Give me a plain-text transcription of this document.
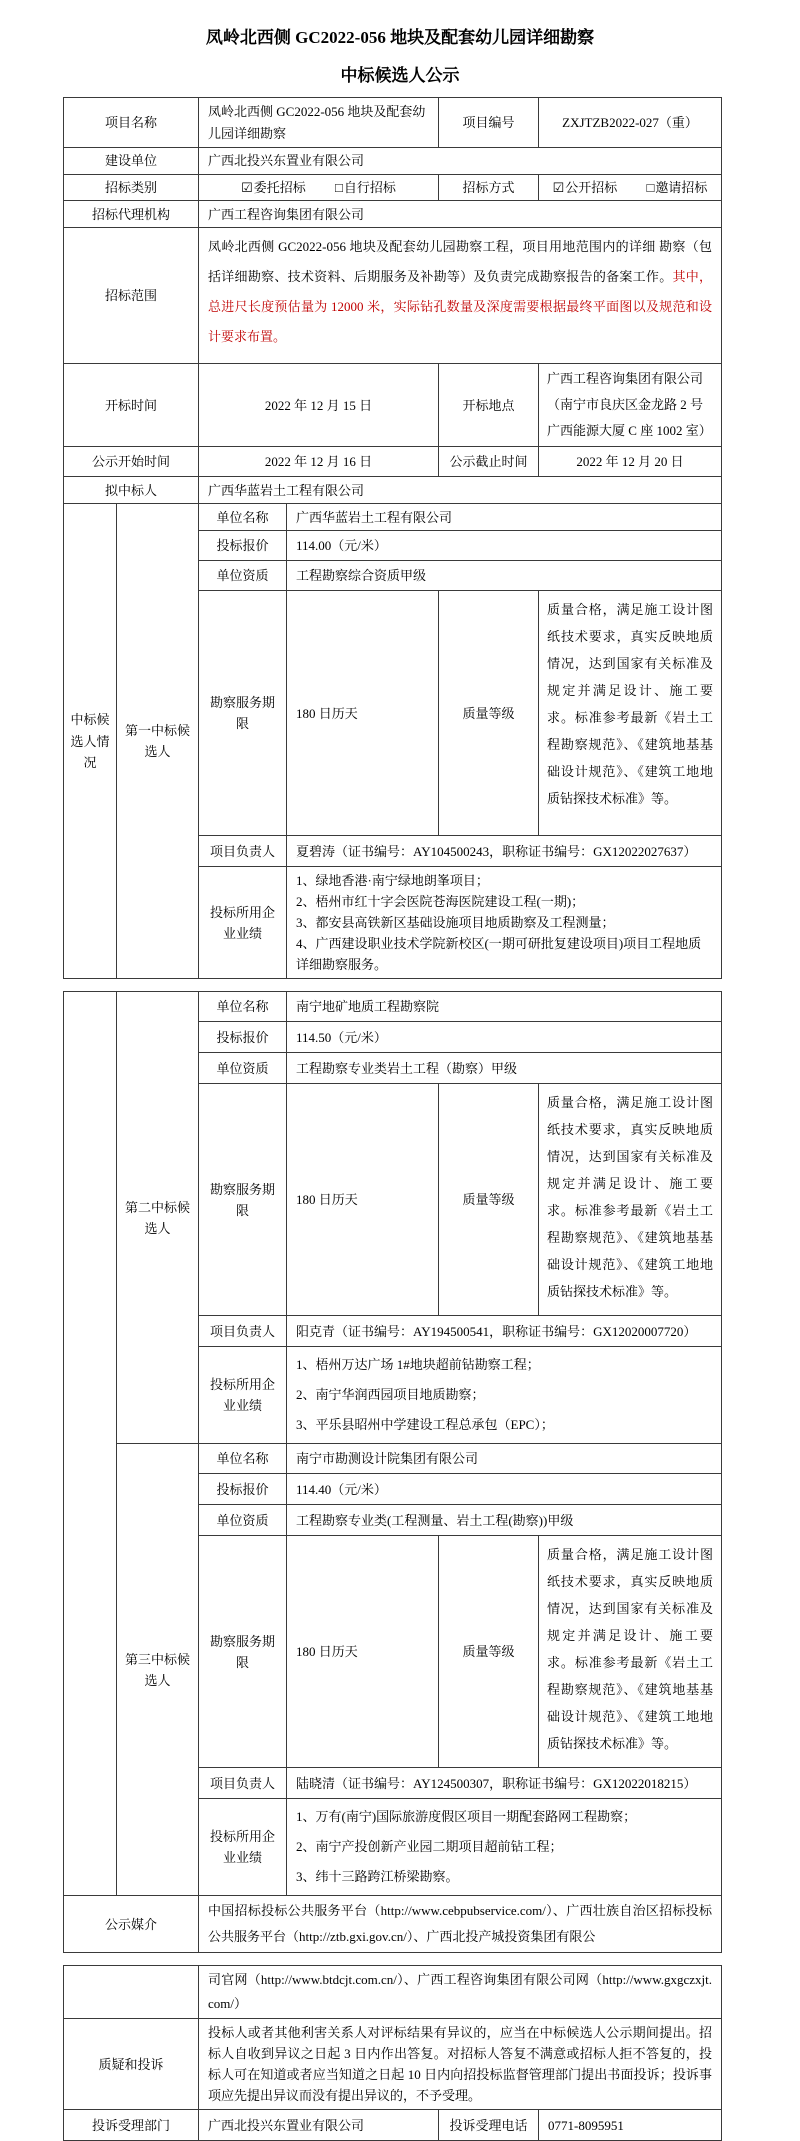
凤岭北西侧 GC2022-056 地块及配套幼儿园详细勘察
中标候选人公示
项目名称		凤岭北西侧 GC2022-056 地块及配套幼儿园详细勘察		项目编号	ZXJTZB2022-027（重）
建设单位		广西北投兴东置业有限公司			
招标类别		☑委托招标 □自行招标		招标方式	☑公开招标 □邀请招标
招标代理机构		广西工程咨询集团有限公司			
招标范围		凤岭北西侧 GC2022-056 地块及配套幼儿园勘察工程，项目用地范围内的详细 勘察（包括详细勘察、技术资料、后期服务及补勘等）及负责完成勘察报告的备案工作。其中，总进尺长度预估量为 12000 米，实际钻孔数量及深度需要根据最终平面图以及规范和设计要求布置。			
开标时间		2022 年 12 月 15 日		开标地点	广西工程咨询集团有限公司（南宁市良庆区金龙路 2 号 广西能源大厦 C 座 1002 室）
公示开始时间		2022 年 12 月 16 日		公示截止时间	2022 年 12 月 20 日
拟中标人		广西华蓝岩土工程有限公司			
中标候选人情况	第一中标候选人	单位名称	广西华蓝岩土工程有限公司		
		投标报价	114.00（元/米）		
		单位资质	工程勘察综合资质甲级		
		勘察服务期限	180 日历天	质量等级	质量合格，满足施工设计图纸技术要求，真实反映地质情况，达到国家有关标准及规定并满足设计、施工要求。标准参考最新《岩土工程勘察规范》、《建筑地基基础设计规范》、《建筑工地地质钻探技术标准》等。
		项目负责人	夏碧涛（证书编号：AY104500243，职称证书编号：GX12022027637）		
		投标所用企业业绩	1、绿地香港·南宁绿地朗峯项目；
2、梧州市红十字会医院苍海医院建设工程(一期)；
3、都安县高铁新区基础设施项目地质勘察及工程测量；
4、广西建设职业技术学院新校区(一期可研批复建设项目)项目工程地质详细勘察服务。		
	第二中标候选人	单位名称	南宁地矿地质工程勘察院		
		投标报价	114.50（元/米）		
		单位资质	工程勘察专业类岩土工程（勘察）甲级		
		勘察服务期限	180 日历天	质量等级	质量合格，满足施工设计图纸技术要求，真实反映地质情况，达到国家有关标准及规定并满足设计、施工要求。标准参考最新《岩土工程勘察规范》、《建筑地基基础设计规范》、《建筑工地地质钻探技术标准》等。
		项目负责人	阳克青（证书编号：AY194500541，职称证书编号：GX12020007720）		
		投标所用企业业绩	1、梧州万达广场 1#地块超前钻勘察工程；
2、南宁华润西园项目地质勘察；
3、平乐县昭州中学建设工程总承包（EPC）；		

	第三中标候选人	单位名称	南宁市勘测设计院集团有限公司		
		投标报价	114.40（元/米）		
		单位资质	工程勘察专业类(工程测量、岩土工程(勘察))甲级		
		勘察服务期限	180 日历天	质量等级	质量合格，满足施工设计图纸技术要求，真实反映地质情况，达到国家有关标准及规定并满足设计、施工要求。标准参考最新《岩土工程勘察规范》、《建筑地基基础设计规范》、《建筑工地地质钻探技术标准》等。
		项目负责人	陆晓清（证书编号：AY124500307，职称证书编号：GX12022018215）		
		投标所用企业业绩	1、万有(南宁)国际旅游度假区项目一期配套路网工程勘察；
2、南宁产投创新产业园二期项目超前钻工程；
3、纬十三路跨江桥梁勘察。		

公示媒介		中国招标投标公共服务平台（http://www.cebpubservice.com/）、广西壮族自治区招标投标公共服务平台（http://ztb.gxi.gov.cn/）、广西北投产城投资集团有限公			
	司官网（http://www.btdcjt.com.cn/）、广西工程咨询集团有限公司网（http://www.gxgczxjt.com/）		
质疑和投诉	投标人或者其他利害关系人对评标结果有异议的，应当在中标候选人公示期间提出。招标人自收到异议之日起 3 日内作出答复。对招标人答复不满意或招标人拒不答复的，投标人可在知道或者应当知道之日起 10 日内向招投标监督管理部门提出书面投诉；投诉事项应先提出异议而没有提出异议的，不予受理。		
投诉受理部门	广西北投兴东置业有限公司	投诉受理电话	0771-8095951
